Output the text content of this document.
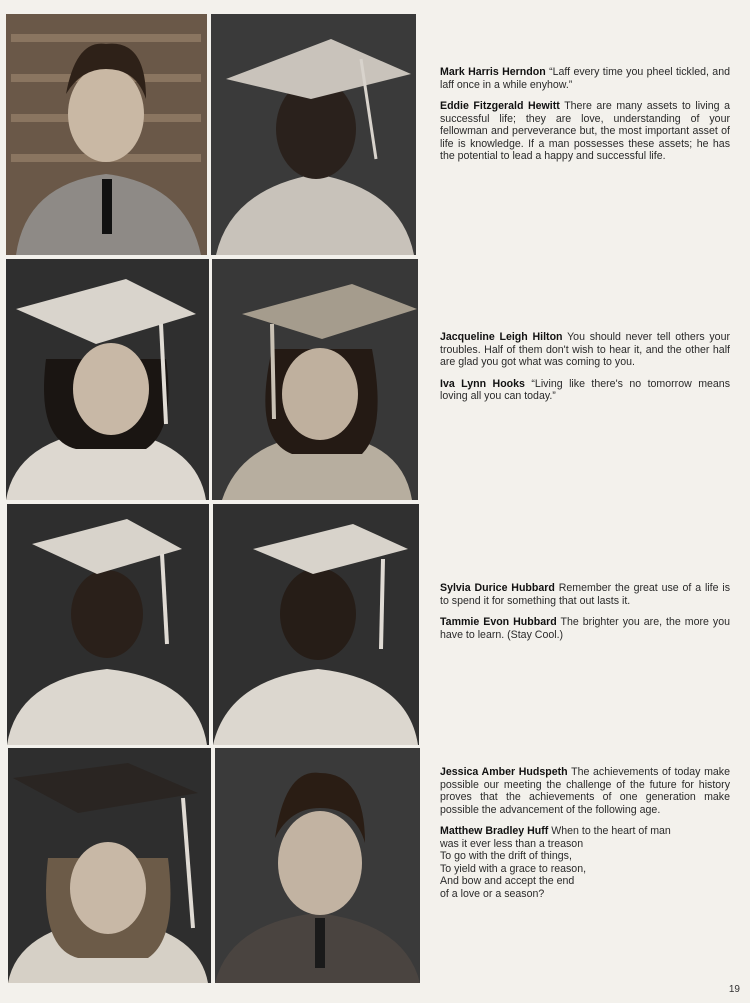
Mark Harris Herndon “Laff every time you pheel tickled, and laff once in a while enyhow.”

Eddie Fitzgerald Hewitt There are many assets to living a successful life; they are love, understanding of your fellowman and perveverance but, the most important asset of life is knowledge. If a man possesses these assets; he has the potential to lead a happy and successful life.

Jacqueline Leigh Hilton You should never tell others your troubles. Half of them don't wish to hear it, and the other half are glad you got what was coming to you.

Iva Lynn Hooks “Living like there's no tomorrow means loving all you can today.”

Sylvia Durice Hubbard Remember the great use of a life is to spend it for something that out lasts it.

Tammie Evon Hubbard The brighter you are, the more you have to learn. (Stay Cool.)

Jessica Amber Hudspeth The achievements of today make possible our meeting the challenge of the future for history proves that the achievements of one generation make possible the advancement of the following age.

Matthew Bradley Huff When to the heart of man
was it ever less than a treason
To go with the drift of things,
To yield with a grace to reason,
And bow and accept the end
of a love or a season?

19
